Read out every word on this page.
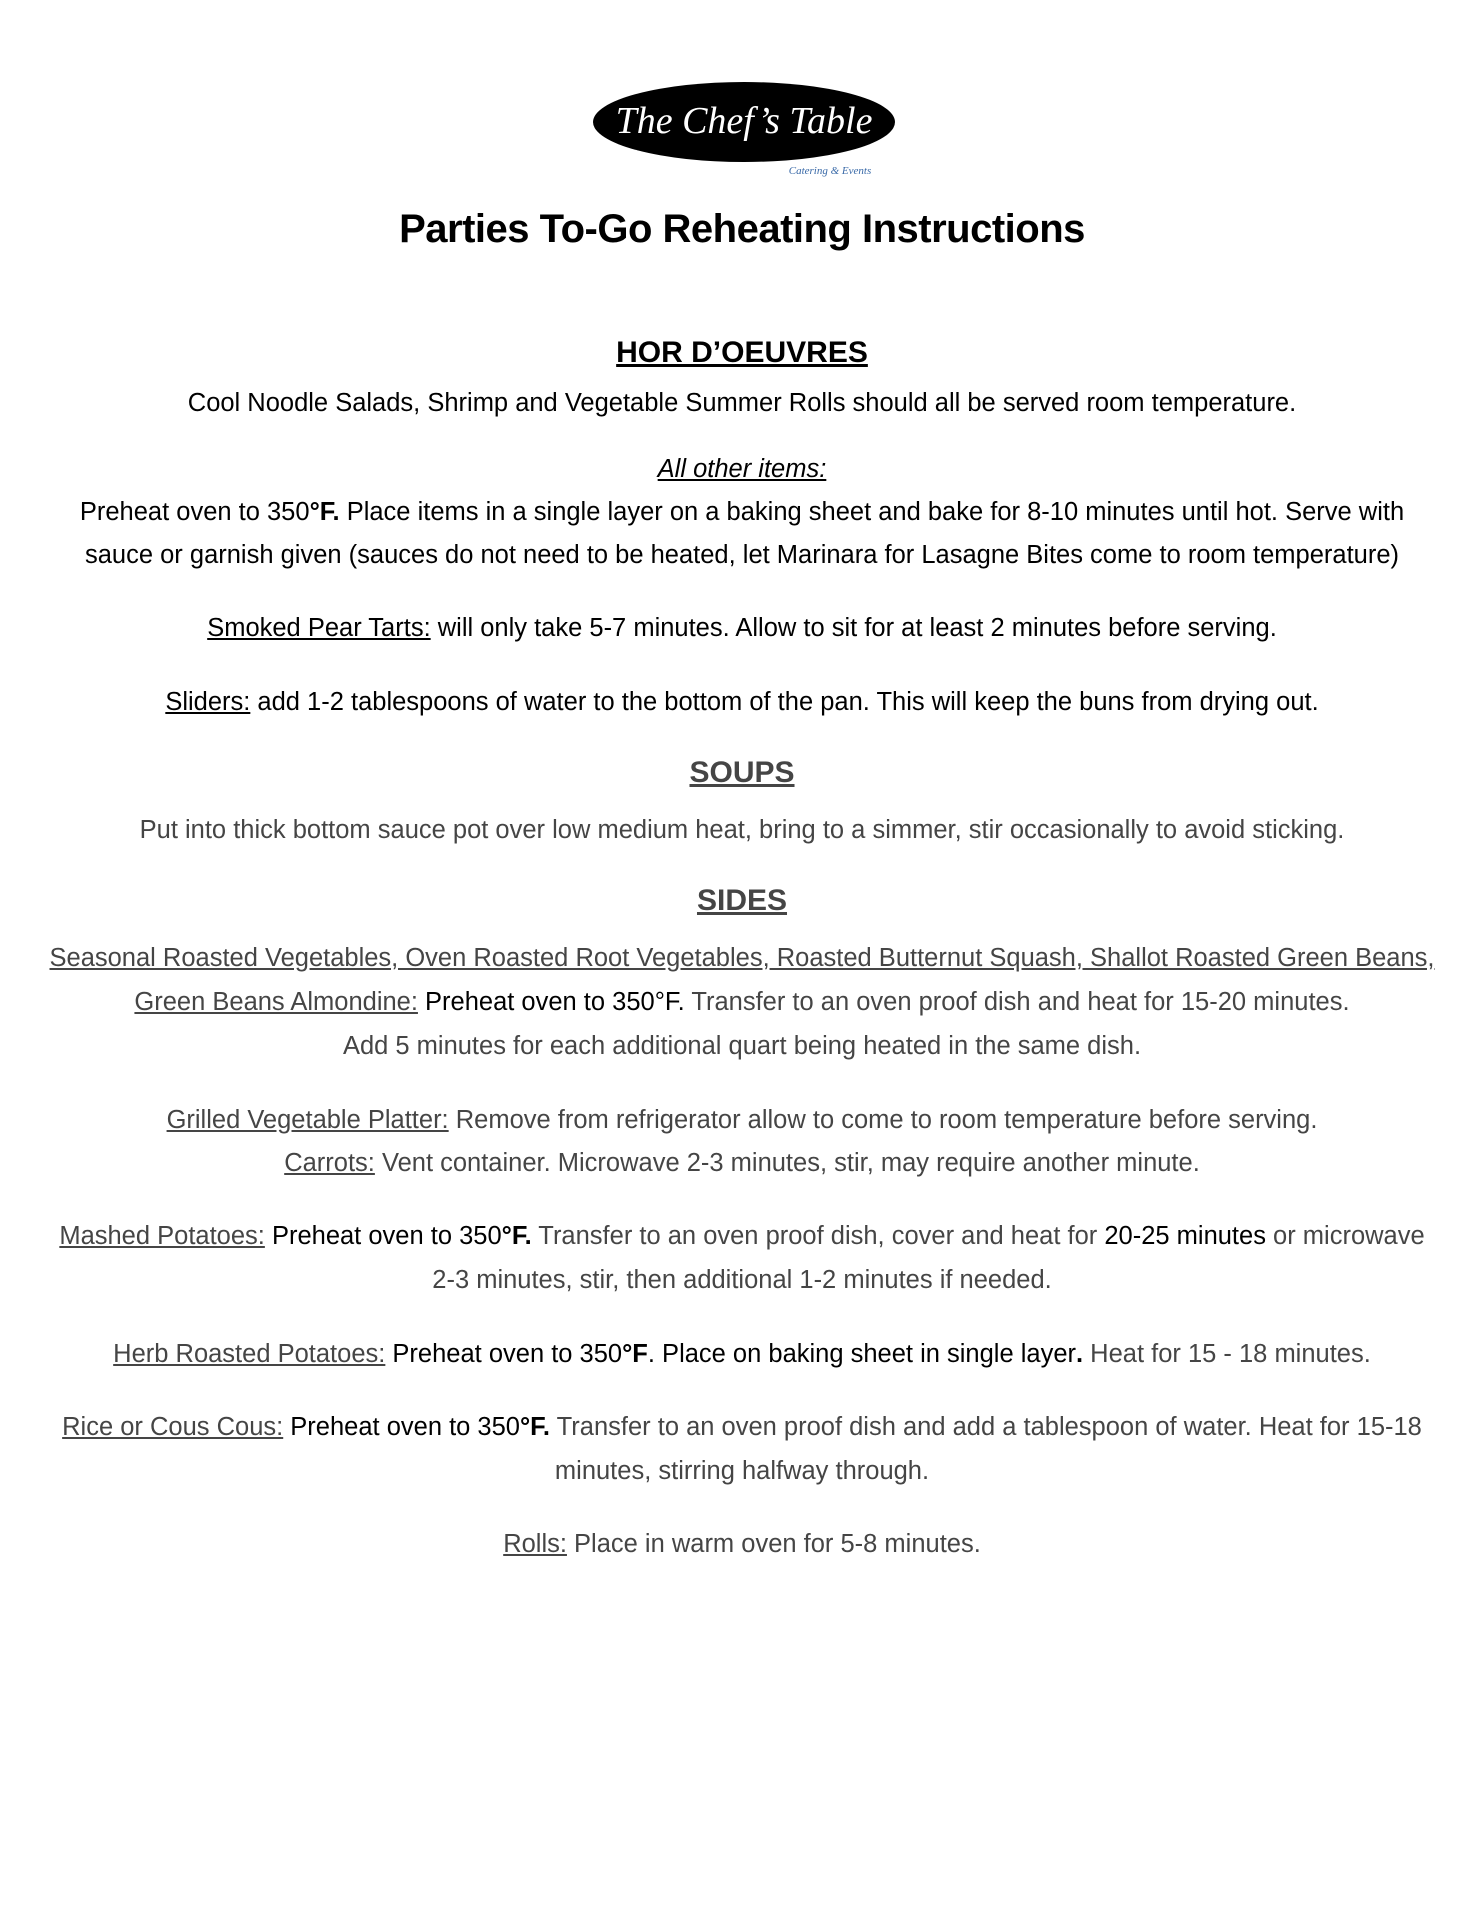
The Chef’s Table
Catering & Events
Parties To-Go Reheating Instructions
HOR D’OEUVRES
Cool Noodle Salads, Shrimp and Vegetable Summer Rolls should all be served room temperature.
All other items:
Preheat oven to 350°F. Place items in a single layer on a baking sheet and bake for 8-10 minutes until hot. Serve with
sauce or garnish given (sauces do not need to be heated, let Marinara for Lasagne Bites come to room temperature)
Smoked Pear Tarts: will only take 5-7 minutes. Allow to sit for at least 2 minutes before serving.
Sliders: add 1-2 tablespoons of water to the bottom of the pan. This will keep the buns from drying out.
SOUPS
Put into thick bottom sauce pot over low medium heat, bring to a simmer, stir occasionally to avoid sticking.
SIDES
Seasonal Roasted Vegetables, Oven Roasted Root Vegetables, Roasted Butternut Squash, Shallot Roasted Green Beans,
Green Beans Almondine: Preheat oven to 350°F. Transfer to an oven proof dish and heat for 15-20 minutes.
Add 5 minutes for each additional quart being heated in the same dish.
Grilled Vegetable Platter: Remove from refrigerator allow to come to room temperature before serving.
Carrots: Vent container. Microwave 2-3 minutes, stir, may require another minute.
Mashed Potatoes: Preheat oven to 350°F. Transfer to an oven proof dish, cover and heat for 20-25 minutes or microwave
2-3 minutes, stir, then additional 1-2 minutes if needed.
Herb Roasted Potatoes: Preheat oven to 350°F. Place on baking sheet in single layer. Heat for 15 - 18 minutes.
Rice or Cous Cous: Preheat oven to 350°F. Transfer to an oven proof dish and add a tablespoon of water. Heat for 15-18
minutes, stirring halfway through.
Rolls: Place in warm oven for 5-8 minutes.
